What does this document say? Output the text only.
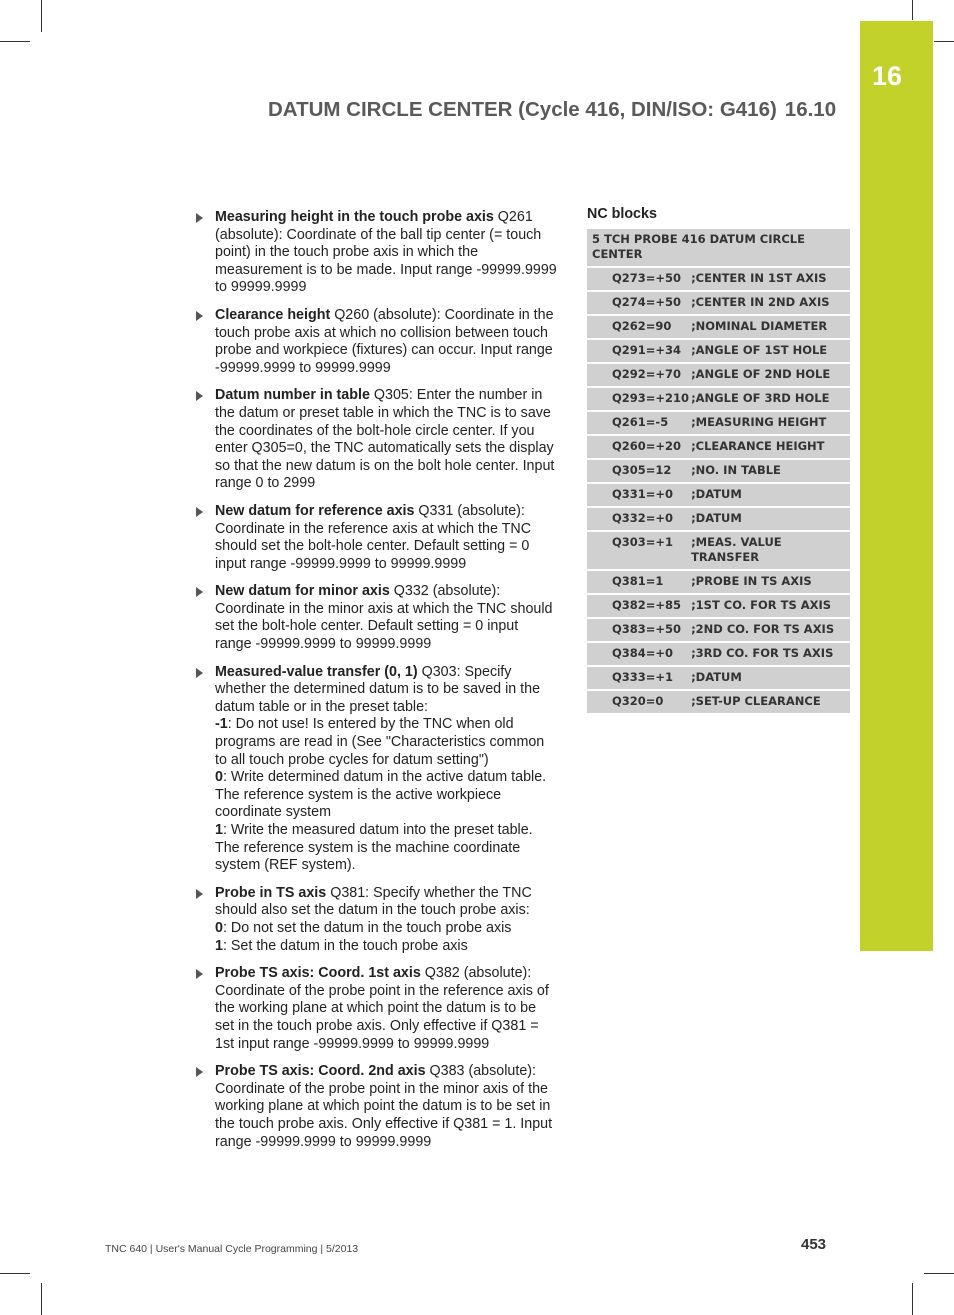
16
DATUM CIRCLE CENTER (Cycle 416, DIN/ISO: G416) 16.10

Measuring height in the touch probe axis Q261 (absolute): Coordinate of the ball tip center (= touch point) in the touch probe axis in which the measurement is to be made. Input range -99999.9999 to 99999.9999

Clearance height Q260 (absolute): Coordinate in the touch probe axis at which no collision between touch probe and workpiece (fixtures) can occur. Input range -99999.9999 to 99999.9999

Datum number in table Q305: Enter the number in the datum or preset table in which the TNC is to save the coordinates of the bolt-hole circle center. If you enter Q305=0, the TNC automatically sets the display so that the new datum is on the bolt hole center. Input range 0 to 2999

New datum for reference axis Q331 (absolute): Coordinate in the reference axis at which the TNC should set the bolt-hole center. Default setting = 0 input range -99999.9999 to 99999.9999

New datum for minor axis Q332 (absolute): Coordinate in the minor axis at which the TNC should set the bolt-hole center. Default setting = 0 input range -99999.9999 to 99999.9999

Measured-value transfer (0, 1) Q303: Specify whether the determined datum is to be saved in the datum table or in the preset table:

-1: Do not use! Is entered by the TNC when old programs are read in (See "Characteristics common to all touch probe cycles for datum setting")

0: Write determined datum in the active datum table. The reference system is the active workpiece coordinate system

1: Write the measured datum into the preset table. The reference system is the machine coordinate system (REF system).

Probe in TS axis Q381: Specify whether the TNC should also set the datum in the touch probe axis:

0: Do not set the datum in the touch probe axis

1: Set the datum in the touch probe axis

Probe TS axis: Coord. 1st axis Q382 (absolute): Coordinate of the probe point in the reference axis of the working plane at which point the datum is to be set in the touch probe axis. Only effective if Q381 = 1st input range -99999.9999 to 99999.9999

Probe TS axis: Coord. 2nd axis Q383 (absolute): Coordinate of the probe point in the minor axis of the working plane at which point the datum is to be set in the touch probe axis. Only effective if Q381 = 1. Input range -99999.9999 to 99999.9999

NC blocks
5 TCH PROBE 416 DATUM CIRCLE CENTER	
Q273=+50	;CENTER IN 1ST AXIS
Q274=+50	;CENTER IN 2ND AXIS
Q262=90	;NOMINAL DIAMETER
Q291=+34	;ANGLE OF 1ST HOLE
Q292=+70	;ANGLE OF 2ND HOLE
Q293=+210	;ANGLE OF 3RD HOLE
Q261=-5	;MEASURING HEIGHT
Q260=+20	;CLEARANCE HEIGHT
Q305=12	;NO. IN TABLE
Q331=+0	;DATUM
Q332=+0	;DATUM
Q303=+1	;MEAS. VALUE TRANSFER
Q381=1	;PROBE IN TS AXIS
Q382=+85	;1ST CO. FOR TS AXIS
Q383=+50	;2ND CO. FOR TS AXIS
Q384=+0	;3RD CO. FOR TS AXIS
Q333=+1	;DATUM
Q320=0	;SET-UP CLEARANCE
TNC 640 | User's Manual Cycle Programming | 5/2013	453
